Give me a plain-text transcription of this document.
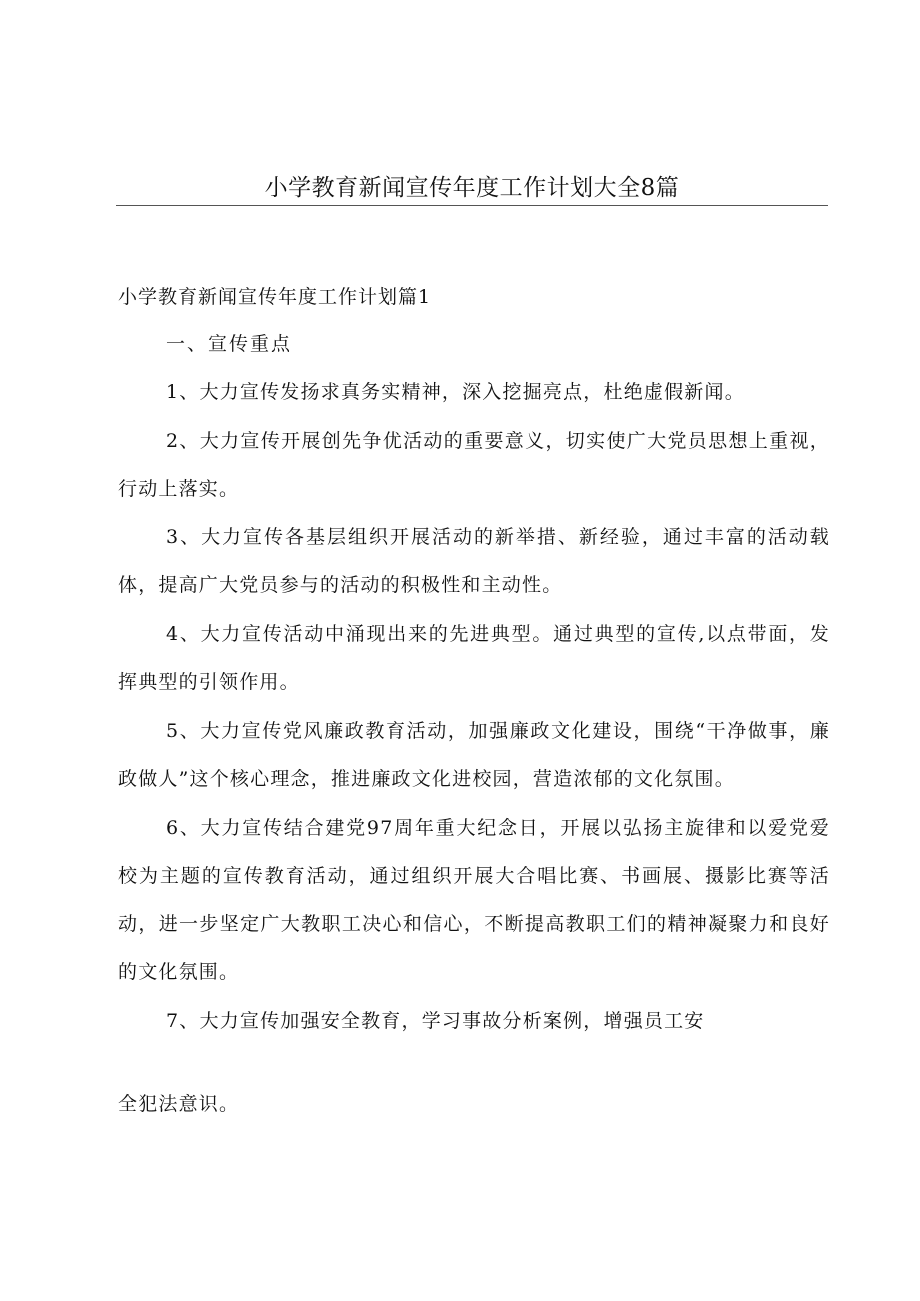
小学教育新闻宣传年度工作计划大全8篇
小学教育新闻宣传年度工作计划篇1
一、宣传重点

1、大力宣传发扬求真务实精神，深入挖掘亮点，杜绝虚假新闻。

2、大力宣传开展创先争优活动的重要意义，切实使广大党员思想上重视，行动上落实。

3、大力宣传各基层组织开展活动的新举措、新经验，通过丰富的活动载体，提高广大党员参与的活动的积极性和主动性。

4、大力宣传活动中涌现出来的先进典型。通过典型的宣传,以点带面，发挥典型的引领作用。

5、大力宣传党风廉政教育活动，加强廉政文化建设，围绕“干净做事，廉政做人”这个核心理念，推进廉政文化进校园，营造浓郁的文化氛围。

6、大力宣传结合建党97周年重大纪念日，开展以弘扬主旋律和以爱党爱校为主题的宣传教育活动，通过组织开展大合唱比赛、书画展、摄影比赛等活动，进一步坚定广大教职工决心和信心，不断提高教职工们的精神凝聚力和良好的文化氛围。

7、大力宣传加强安全教育，学习事故分析案例，增强员工安

全犯法意识。
